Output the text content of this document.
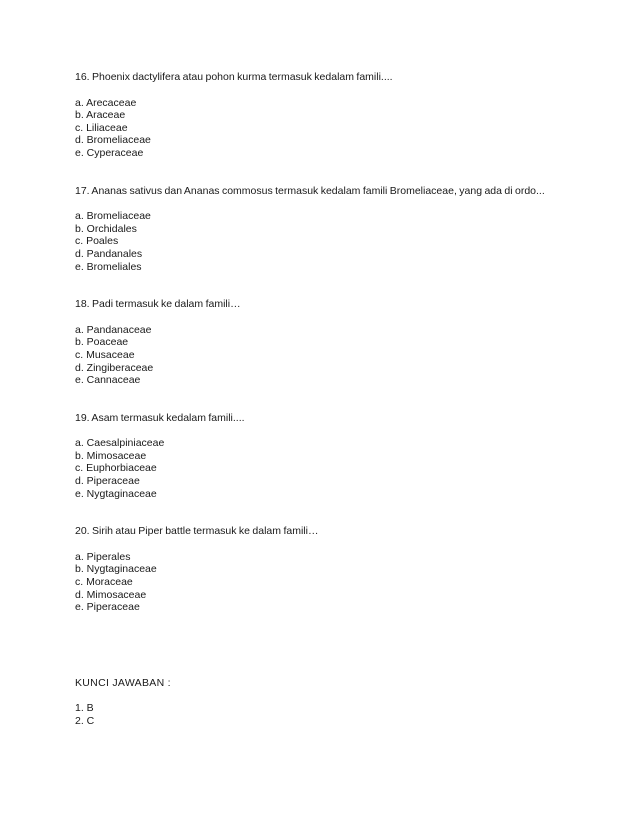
16. Phoenix dactylifera atau pohon kurma termasuk kedalam famili....

a. Arecaceae
b. Araceae
c. Liliaceae
d. Bromeliaceae
e. Cyperaceae

17. Ananas sativus dan Ananas commosus termasuk kedalam famili Bromeliaceae, yang ada di ordo...

a. Bromeliaceae
b. Orchidales
c. Poales
d. Pandanales
e. Bromeliales

18. Padi termasuk ke dalam famili…

a. Pandanaceae
b. Poaceae
c. Musaceae
d. Zingiberaceae
e. Cannaceae

19. Asam termasuk kedalam famili....

a. Caesalpiniaceae
b. Mimosaceae
c. Euphorbiaceae
d. Piperaceae
e. Nygtaginaceae

20. Sirih atau Piper battle termasuk ke dalam famili…

a. Piperales
b. Nygtaginaceae
c. Moraceae
d. Mimosaceae
e. Piperaceae

KUNCI JAWABAN :

1. B
2. C
